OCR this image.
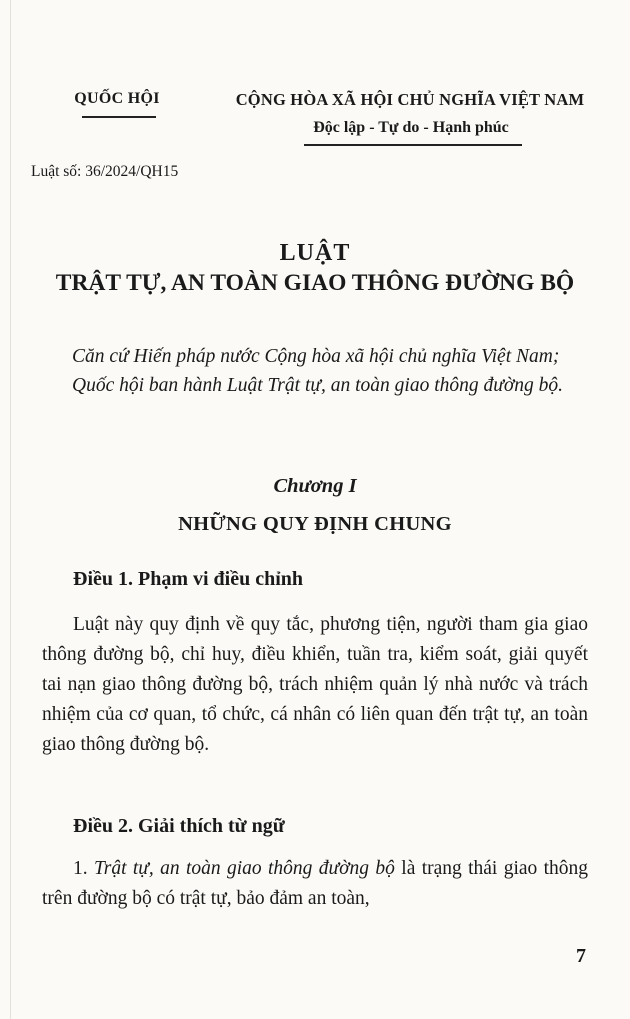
QUỐC HỘI	CỘNG HÒA XÃ HỘI CHỦ NGHĨA VIỆT NAM
Độc lập - Tự do - Hạnh phúc
Luật số: 36/2024/QH15
LUẬT
TRẬT TỰ, AN TOÀN GIAO THÔNG ĐƯỜNG BỘ

Căn cứ Hiến pháp nước Cộng hòa xã hội chủ nghĩa Việt Nam;

Quốc hội ban hành Luật Trật tự, an toàn giao thông đường bộ.

Chương I
NHỮNG QUY ĐỊNH CHUNG
Điều 1. Phạm vi điều chỉnh

Luật này quy định về quy tắc, phương tiện, người tham gia giao thông đường bộ, chỉ huy, điều khiển, tuần tra, kiểm soát, giải quyết tai nạn giao thông đường bộ, trách nhiệm quản lý nhà nước và trách nhiệm của cơ quan, tổ chức, cá nhân có liên quan đến trật tự, an toàn giao thông đường bộ.

Điều 2. Giải thích từ ngữ

1. Trật tự, an toàn giao thông đường bộ là trạng thái giao thông trên đường bộ có trật tự, bảo đảm an toàn,

7
